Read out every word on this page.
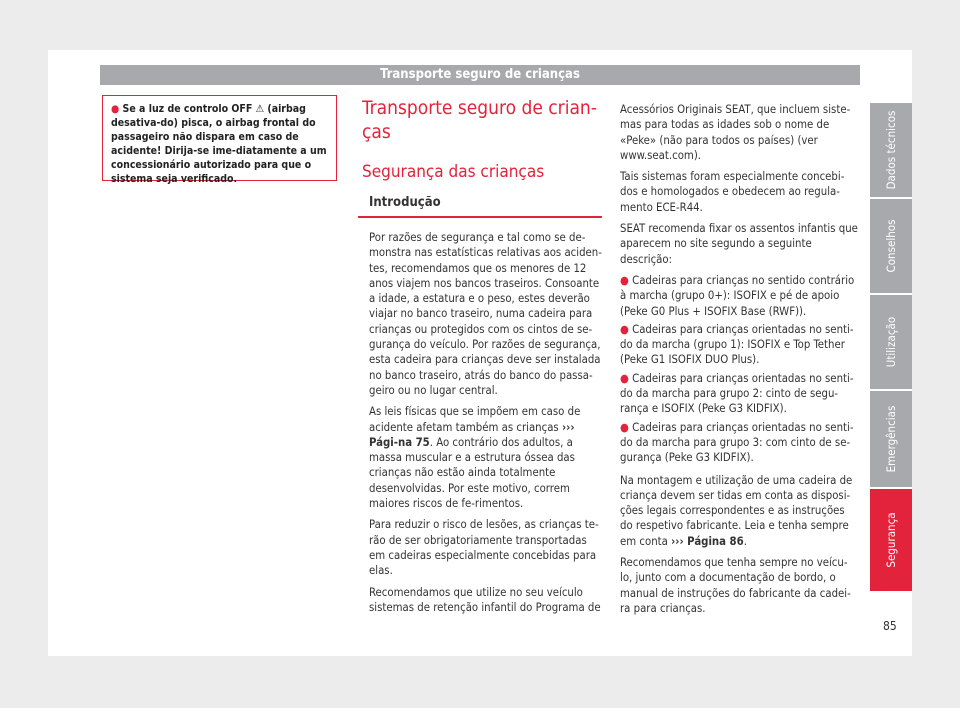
Transporte seguro de crianças
● Se a luz de controlo OFF ⚠ (airbag desativa-do) pisca, o airbag frontal do passageiro não dispara em caso de acidente! Dirija-se ime-diatamente a um concessionário autorizado para que o sistema seja verificado.
Transporte seguro de crian-ças
Segurança das crianças
Introdução

Por razões de segurança e tal como se de-monstra nas estatísticas relativas aos aciden-tes, recomendamos que os menores de 12 anos viajem nos bancos traseiros. Consoante a idade, a estatura e o peso, estes deverão viajar no banco traseiro, numa cadeira para crianças ou protegidos com os cintos de se-gurança do veículo. Por razões de segurança, esta cadeira para crianças deve ser instalada no banco traseiro, atrás do banco do passa-geiro ou no lugar central.

As leis físicas que se impõem em caso de acidente afetam também as crianças ››› Pági-na 75. Ao contrário dos adultos, a massa muscular e a estrutura óssea das crianças não estão ainda totalmente desenvolvidas. Por este motivo, correm maiores riscos de fe-rimentos.

Para reduzir o risco de lesões, as crianças te-rão de ser obrigatoriamente transportadas em cadeiras especialmente concebidas para elas.

Recomendamos que utilize no seu veículo sistemas de retenção infantil do Programa de

Acessórios Originais SEAT, que incluem siste-mas para todas as idades sob o nome de «Peke» (não para todos os países) (ver www.seat.com).

Tais sistemas foram especialmente concebi-dos e homologados e obedecem ao regula-mento ECE-R44.

SEAT recomenda fixar os assentos infantis que aparecem no site segundo a seguinte descrição:

● Cadeiras para crianças no sentido contrário à marcha (grupo 0+): ISOFIX e pé de apoio (Peke G0 Plus + ISOFIX Base (RWF)).

● Cadeiras para crianças orientadas no senti-do da marcha (grupo 1): ISOFIX e Top Tether (Peke G1 ISOFIX DUO Plus).

● Cadeiras para crianças orientadas no senti-do da marcha para grupo 2: cinto de segu-rança e ISOFIX (Peke G3 KIDFIX).

● Cadeiras para crianças orientadas no senti-do da marcha para grupo 3: com cinto de se-gurança (Peke G3 KIDFIX).

Na montagem e utilização de uma cadeira de criança devem ser tidas em conta as disposi-ções legais correspondentes e as instruções do respetivo fabricante. Leia e tenha sempre em conta ››› Página 86.

Recomendamos que tenha sempre no veícu-lo, junto com a documentação de bordo, o manual de instruções do fabricante da cadei-ra para crianças.

Dados técnicos
Conselhos
Utilização
Emergências
Segurança
85
